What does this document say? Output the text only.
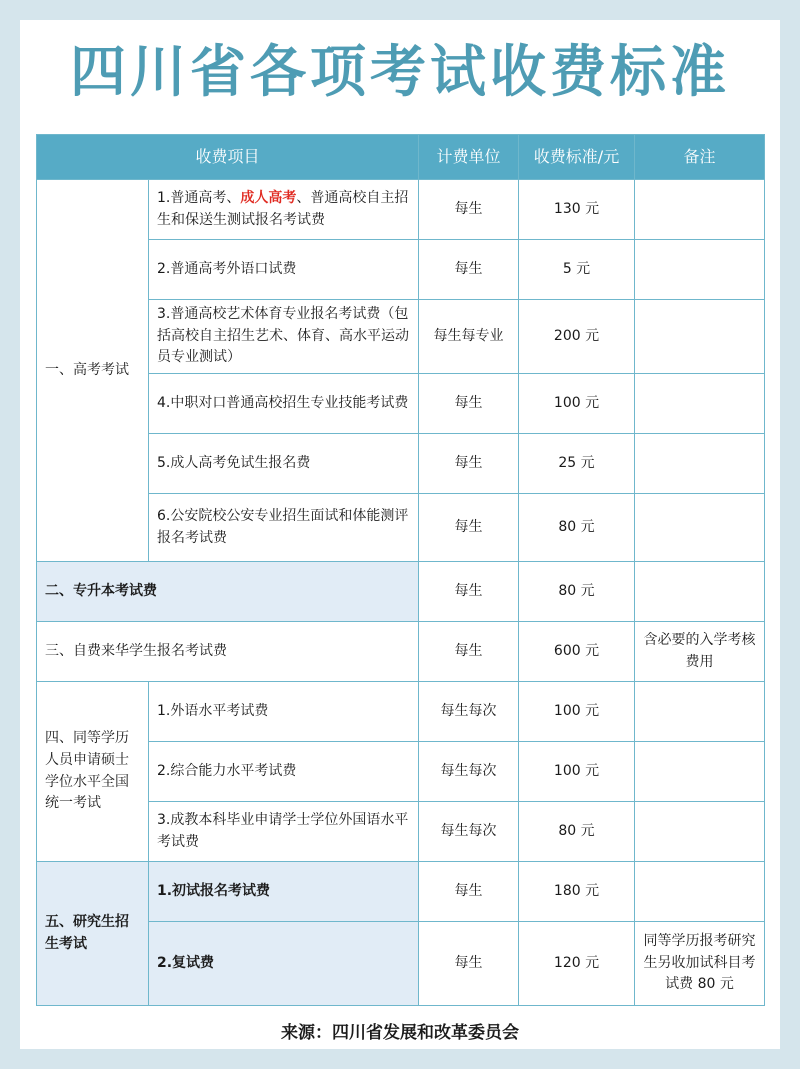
四川省各项考试收费标准
收费项目		计费单位	收费标准/元	备注
一、高考考试	1.普通高考、成人高考、普通高校自主招生和保送生测试报名考试费	每生	130 元	
	2.普通高考外语口试费	每生	5 元	
	3.普通高校艺术体育专业报名考试费（包括高校自主招生艺术、体育、高水平运动员专业测试）	每生每专业	200 元	
	4.中职对口普通高校招生专业技能考试费	每生	100 元	
	5.成人高考免试生报名费	每生	25 元	
	6.公安院校公安专业招生面试和体能测评报名考试费	每生	80 元	
二、专升本考试费		每生	80 元	
三、自费来华学生报名考试费		每生	600 元	含必要的入学考核费用
四、同等学历人员申请硕士学位水平全国统一考试	1.外语水平考试费	每生每次	100 元	
	2.综合能力水平考试费	每生每次	100 元	
	3.成教本科毕业申请学士学位外国语水平考试费	每生每次	80 元	
五、研究生招生考试	1.初试报名考试费	每生	180 元	
	2.复试费	每生	120 元	同等学历报考研究生另收加试科目考试费 80 元
来源：四川省发展和改革委员会
